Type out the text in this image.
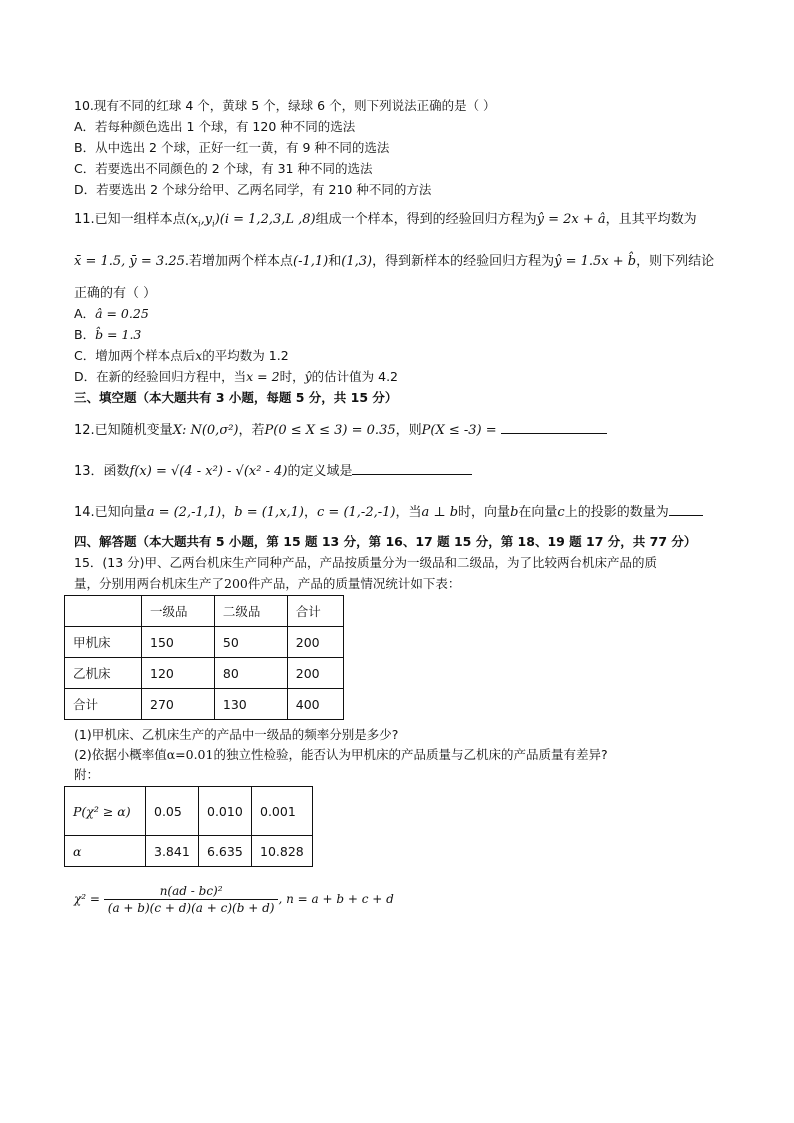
10.现有不同的红球 4 个，黄球 5 个，绿球 6 个，则下列说法正确的是（ ）
A．若每种颜色选出 1 个球，有 120 种不同的选法
B．从中选出 2 个球，正好一红一黄，有 9 种不同的选法
C．若要选出不同颜色的 2 个球，有 31 种不同的选法
D．若要选出 2 个球分给甲、乙两名同学，有 210 种不同的方法
11.已知一组样本点$(x_i,y_i)(i = 1,2,3,L$ ,8)组成一个样本，得到的经验回归方程为ŷ = 2x + â，且其平均数为
x̄ = 1.5, ȳ = 3.25.若增加两个样本点(-1,1)和(1,3)，得到新样本的经验回归方程为ŷ = 1.5x + b̂，则下列结论
正确的有（ ）
A．â = 0.25
B．b̂ = 1.3
C．增加两个样本点后x的平均数为 1.2
D．在新的经验回归方程中，当x = 2时，ŷ的估计值为 4.2
三、填空题（本大题共有 3 小题，每题 5 分，共 15 分）
12.已知随机变量X: N(0,σ²)，若P(0 ≤ X ≤ 3) = 0.35，则P(X ≤ -3) =
13．函数f(x) = √(4 - x²) - √(x² - 4)的定义域是
14.已知向量a = (2,-1,1)，b = (1,x,1)，c = (1,-2,-1)，当a ⊥ b时，向量b在向量c上的投影的数量为
四、解答题（本大题共有 5 小题，第 15 题 13 分，第 16、17 题 15 分，第 18、19 题 17 分，共 77 分）
15．(13 分)甲、乙两台机床生产同种产品，产品按质量分为一级品和二级品，为了比较两台机床产品的质
量，分别用两台机床生产了200件产品，产品的质量情况统计如下表：
	一级品	二级品	合计
甲机床	150	50	200
乙机床	120	80	200
合计	270	130	400
(1)甲机床、乙机床生产的产品中一级品的频率分别是多少?
(2)依据小概率值α=0.01的独立性检验，能否认为甲机床的产品质量与乙机床的产品质量有差异?
附：
P(χ² ≥ α)	0.05	0.010	0.001
α	3.841	6.635	10.828
$\chi^2 = \frac{\text{n(ad - bc)²}}{(a + b)(c + d)(a + c)(b + d)}$ , n = a + b + c + d
